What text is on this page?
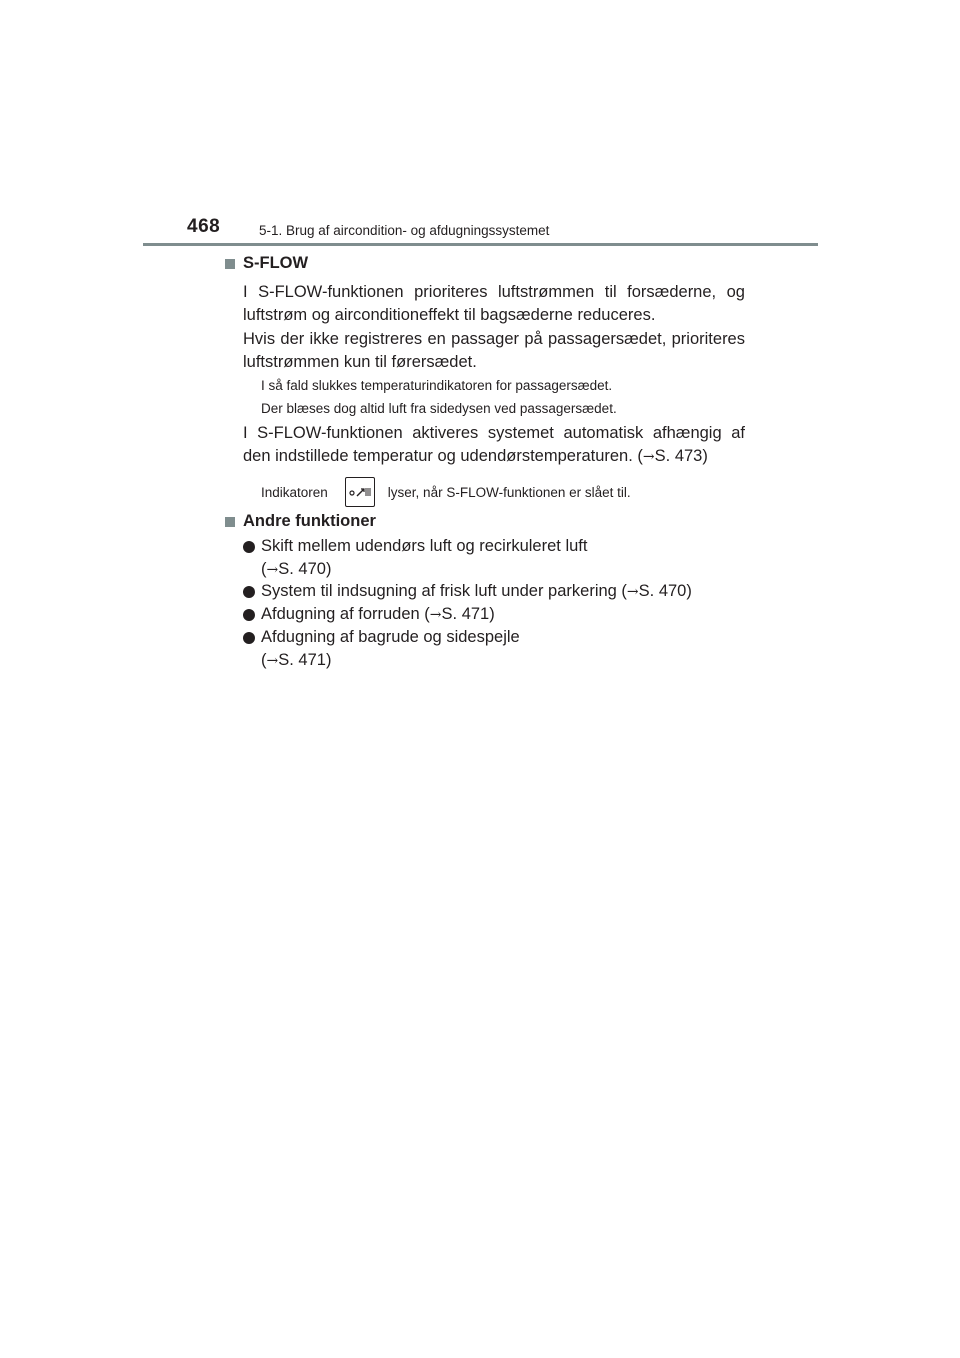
468	5-1. Brug af aircondition- og afdugningssystemet
S-FLOW
I S-FLOW-funktionen prioriteres luftstrømmen til forsæderne, og luftstrøm og airconditioneffekt til bagsæderne reduceres.
Hvis der ikke registreres en passager på passagersædet, prioriteres luftstrømmen kun til førersædet.
I så fald slukkes temperaturindikatoren for passagersædet.
Der blæses dog altid luft fra sidedysen ved passagersædet.
I S-FLOW-funktionen aktiveres systemet automatisk afhængig af den indstillede temperatur og udendørstemperaturen. (→S. 473)
Indikatoren	lyser, når S-FLOW-funktionen er slået til.
Andre funktioner
Skift mellem udendørs luft og recirkuleret luft
(→S. 470)
System til indsugning af frisk luft under parkering (→S. 470)
Afdugning af forruden (→S. 471)
Afdugning af bagrude og sidespejle
(→S. 471)
